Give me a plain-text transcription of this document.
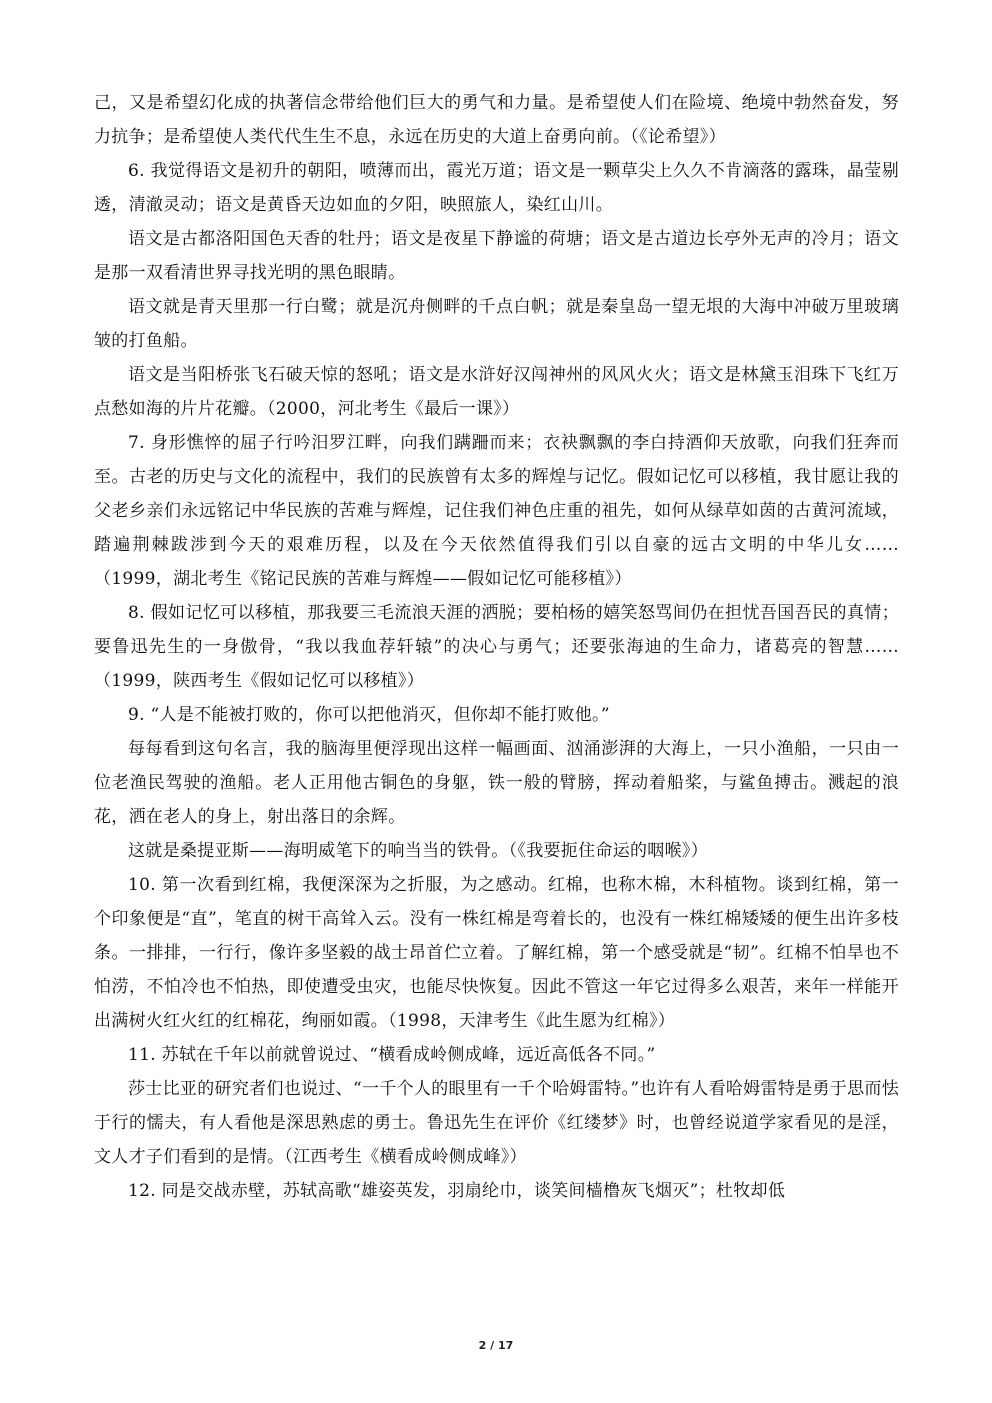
己，又是希望幻化成的执著信念带给他们巨大的勇气和力量。是希望使人们在险境、绝境中勃然奋发，努力抗争；是希望使人类代代生生不息，永远在历史的大道上奋勇向前。（《论希望》）

6. 我觉得语文是初升的朝阳，喷薄而出，霞光万道；语文是一颗草尖上久久不肯滴落的露珠，晶莹剔透，清澈灵动；语文是黄昏天边如血的夕阳，映照旅人，染红山川。

语文是古都洛阳国色天香的牡丹；语文是夜星下静谧的荷塘；语文是古道边长亭外无声的冷月；语文是那一双看清世界寻找光明的黑色眼睛。

语文就是青天里那一行白鹭；就是沉舟侧畔的千点白帆；就是秦皇岛一望无垠的大海中冲破万里玻璃皱的打鱼船。

语文是当阳桥张飞石破天惊的怒吼；语文是水浒好汉闯神州的风风火火；语文是林黛玉泪珠下飞红万点愁如海的片片花瓣。（2000，河北考生《最后一课》）

7. 身形憔悴的屈子行吟汨罗江畔，向我们蹒跚而来；衣袂飘飘的李白持酒仰天放歌，向我们狂奔而至。古老的历史与文化的流程中，我们的民族曾有太多的辉煌与记忆。假如记忆可以移植，我甘愿让我的父老乡亲们永远铭记中华民族的苦难与辉煌，记住我们神色庄重的祖先，如何从绿草如茵的古黄河流域，踏遍荆棘跋涉到今天的艰难历程，以及在今天依然值得我们引以自豪的远古文明的中华儿女……（1999，湖北考生《铭记民族的苦难与辉煌——假如记忆可能移植》）

8. 假如记忆可以移植，那我要三毛流浪天涯的洒脱；要柏杨的嬉笑怒骂间仍在担忧吾国吾民的真情；要鲁迅先生的一身傲骨，“我以我血荐轩辕”的决心与勇气；还要张海迪的生命力，诸葛亮的智慧……（1999，陕西考生《假如记忆可以移植》）

9. “人是不能被打败的，你可以把他消灭，但你却不能打败他。”

每每看到这句名言，我的脑海里便浮现出这样一幅画面、汹涌澎湃的大海上，一只小渔船，一只由一位老渔民驾驶的渔船。老人正用他古铜色的身躯，铁一般的臂膀，挥动着船桨，与鲨鱼搏击。溅起的浪花，洒在老人的身上，射出落日的余辉。

这就是桑提亚斯——海明威笔下的响当当的铁骨。（《我要扼住命运的咽喉》）

10. 第一次看到红棉，我便深深为之折服，为之感动。红棉，也称木棉，木科植物。谈到红棉，第一个印象便是“直”，笔直的树干高耸入云。没有一株红棉是弯着长的，也没有一株红棉矮矮的便生出许多枝条。一排排，一行行，像许多坚毅的战士昂首伫立着。了解红棉，第一个感受就是“韧”。红棉不怕旱也不怕涝，不怕冷也不怕热，即使遭受虫灾，也能尽快恢复。因此不管这一年它过得多么艰苦，来年一样能开出满树火红火红的红棉花，绚丽如霞。（1998，天津考生《此生愿为红棉》）

11. 苏轼在千年以前就曾说过、“横看成岭侧成峰，远近高低各不同。”

莎士比亚的研究者们也说过、“一千个人的眼里有一千个哈姆雷特。”也许有人看哈姆雷特是勇于思而怯于行的懦夫，有人看他是深思熟虑的勇士。鲁迅先生在评价《红缕梦》时，也曾经说道学家看见的是淫，文人才子们看到的是情。（江西考生《横看成岭侧成峰》）

12. 同是交战赤壁，苏轼高歌“雄姿英发，羽扇纶巾，谈笑间樯橹灰飞烟灭”；杜牧却低

2 / 17
